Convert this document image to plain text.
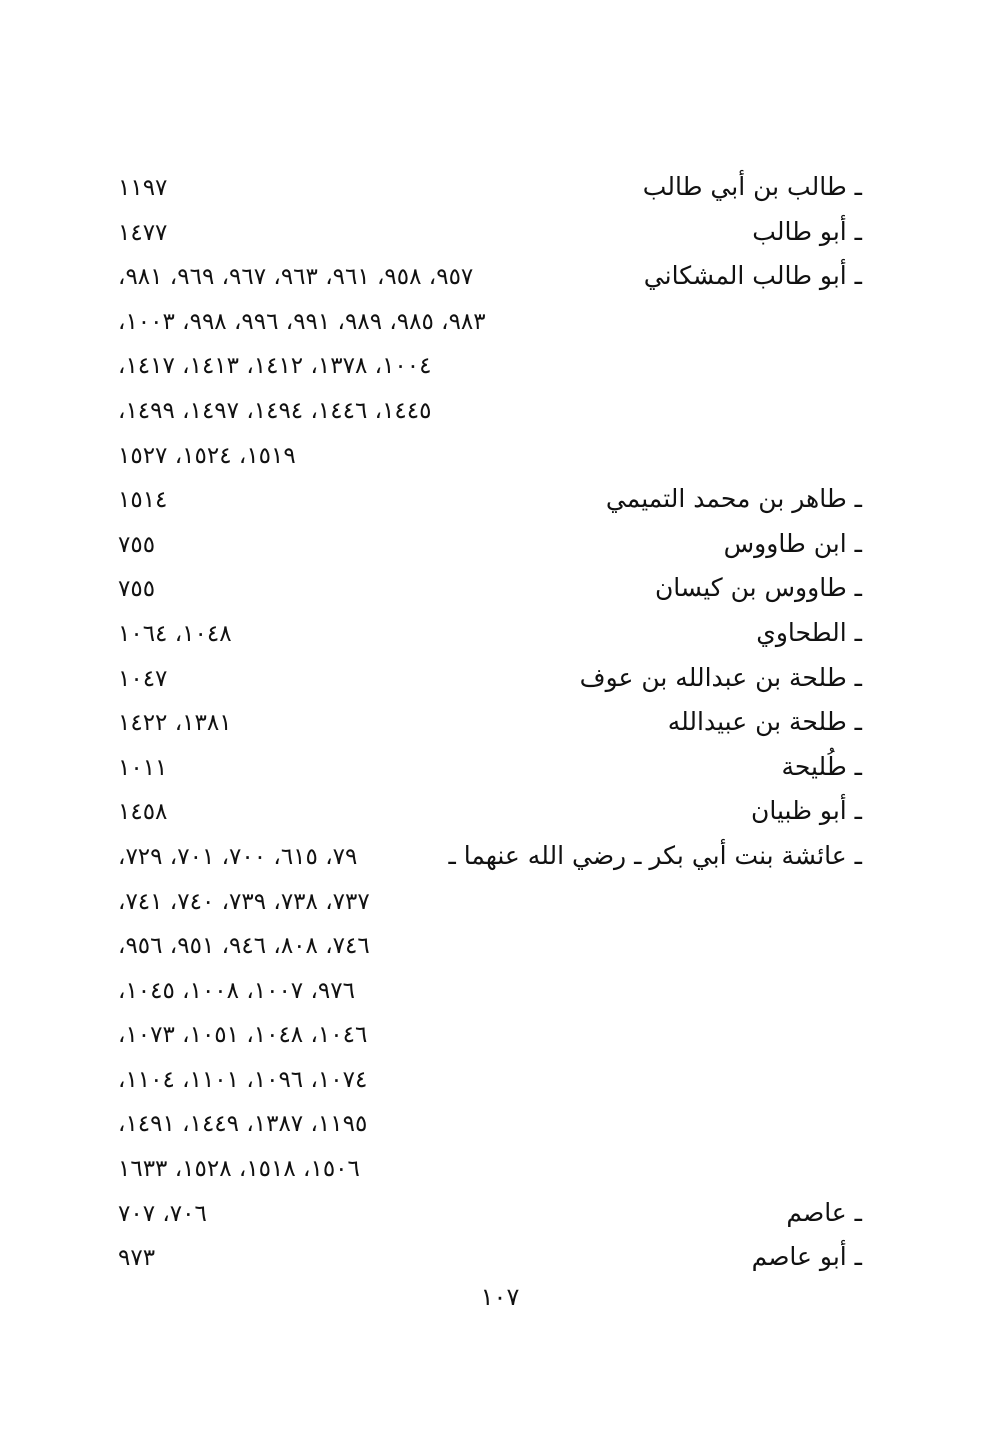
ـ طالب بن أبي طالب
١١٩٧
ـ أبو طالب
١٤٧٧
ـ أبو طالب المشكاني
٩٥٧، ٩٥٨، ٩٦١، ٩٦٣، ٩٦٧، ٩٦٩، ٩٨١،
٩٨٣، ٩٨٥، ٩٨٩، ٩٩١، ٩٩٦، ٩٩٨، ١٠٠٣،
١٠٠٤، ١٣٧٨، ١٤١٢، ١٤١٣، ١٤١٧،
١٤٤٥، ١٤٤٦، ١٤٩٤، ١٤٩٧، ١٤٩٩،
١٥١٩، ١٥٢٤، ١٥٢٧
ـ طاهر بن محمد التميمي
١٥١٤
ـ ابن طاووس
٧٥٥
ـ طاووس بن كيسان
٧٥٥
ـ الطحاوي
١٠٤٨، ١٠٦٤
ـ طلحة بن عبدالله بن عوف
١٠٤٧
ـ طلحة بن عبيدالله
١٣٨١، ١٤٢٢
ـ طُليحة
١٠١١
ـ أبو ظبيان
١٤٥٨
ـ عائشة بنت أبي بكر ـ رضي الله عنهما ـ
٧٩، ٦١٥، ٧٠٠، ٧٠١، ٧٢٩،
٧٣٧، ٧٣٨، ٧٣٩، ٧٤٠، ٧٤١،
٧٤٦، ٨٠٨، ٩٤٦، ٩٥١، ٩٥٦،
٩٧٦، ١٠٠٧، ١٠٠٨، ١٠٤٥،
١٠٤٦، ١٠٤٨، ١٠٥١، ١٠٧٣،
١٠٧٤، ١٠٩٦، ١١٠١، ١١٠٤،
١١٩٥، ١٣٨٧، ١٤٤٩، ١٤٩١،
١٥٠٦، ١٥١٨، ١٥٢٨، ١٦٣٣
ـ عاصم
٧٠٦، ٧٠٧
ـ أبو عاصم
٩٧٣
١٠٧
